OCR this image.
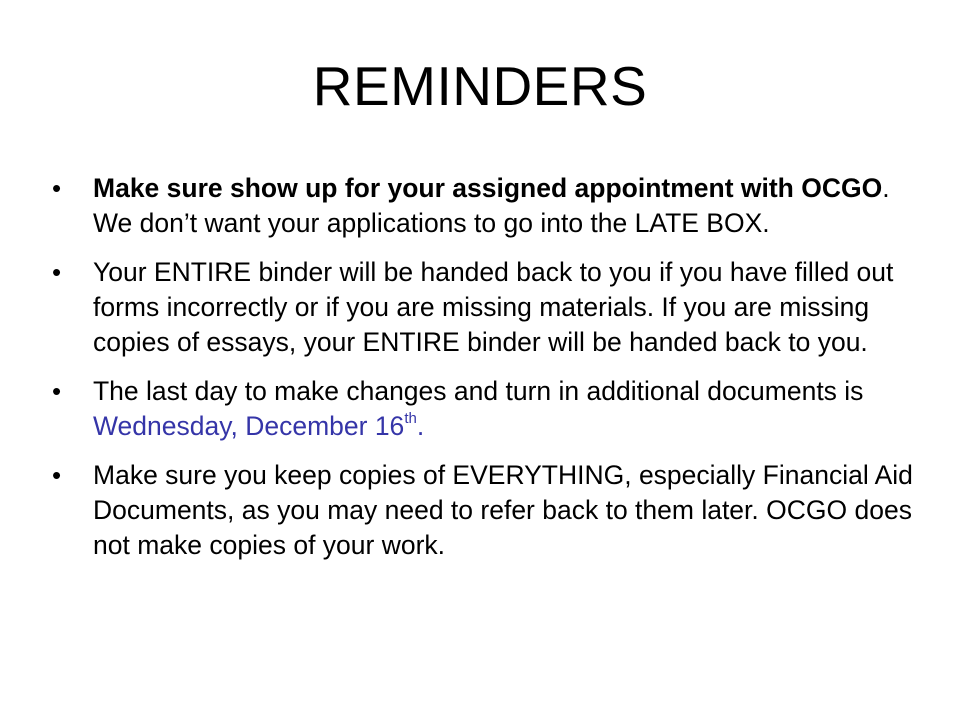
REMINDERS
•	Make sure show up for your assigned appointment with OCGO. We don’t want your applications to go into the LATE BOX.
•	Your ENTIRE binder will be handed back to you if you have filled out forms incorrectly or if you are missing materials. If you are missing copies of essays, your ENTIRE binder will be handed back to you.
•	The last day to make changes and turn in additional documents is Wednesday, December 16th.
•	Make sure you keep copies of EVERYTHING, especially Financial Aid Documents, as you may need to refer back to them later. OCGO does not make copies of your work.
